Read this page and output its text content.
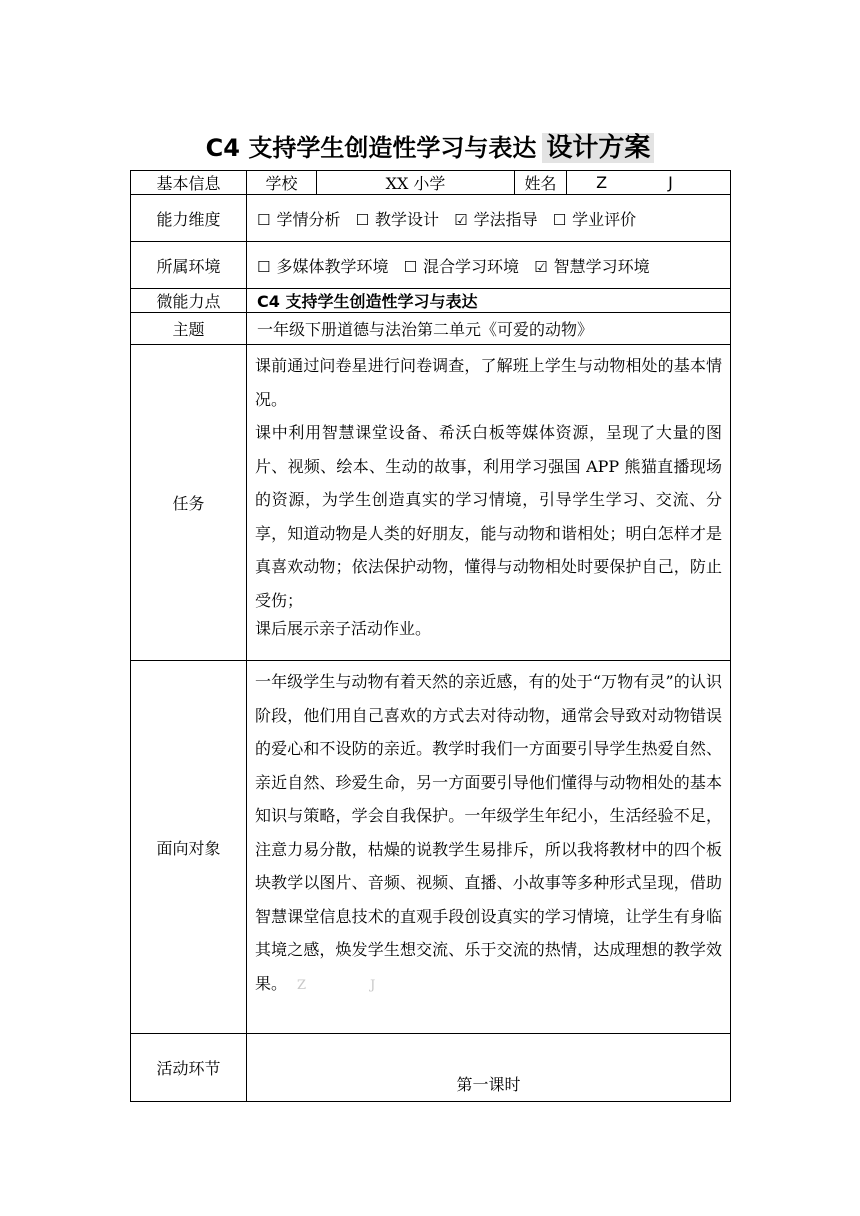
C4 支持学生创造性学习与表达 设计方案
基本信息	学校	XX 小学	姓名	Z J
能力维度	☐ 学情分析 ☐ 教学设计 ☑ 学法指导 ☐ 学业评价			
所属环境	☐ 多媒体教学环境 ☐ 混合学习环境 ☑ 智慧学习环境			
微能力点	C4 支持学生创造性学习与表达			
主题	一年级下册道德与法治第二单元《可爱的动物》			
任务	课前通过问卷星进行问卷调查，了解班上学生与动物相处的基本情况。

课中利用智慧课堂设备、希沃白板等媒体资源，呈现了大量的图片、视频、绘本、生动的故事，利用学习强国 APP 熊猫直播现场的资源，为学生创造真实的学习情境，引导学生学习、交流、分享，知道动物是人类的好朋友，能与动物和谐相处；明白怎样才是真喜欢动物；依法保护动物，懂得与动物相处时要保护自己，防止受伤；

课后展示亲子活动作业。			

面向对象	一年级学生与动物有着天然的亲近感，有的处于“万物有灵”的认识阶段，他们用自己喜欢的方式去对待动物，通常会导致对动物错误的爱心和不设防的亲近。教学时我们一方面要引导学生热爱自然、亲近自然、珍爱生命，另一方面要引导他们懂得与动物相处的基本知识与策略，学会自我保护。一年级学生年纪小，生活经验不足，注意力易分散，枯燥的说教学生易排斥，所以我将教材中的四个板块教学以图片、音频、视频、直播、小故事等多种形式呈现，借助智慧课堂信息技术的直观手段创设真实的学习情境，让学生有身临其境之感，焕发学生想交流、乐于交流的热情，达成理想的教学效果。 Z J			

活动环节	第一课时			
